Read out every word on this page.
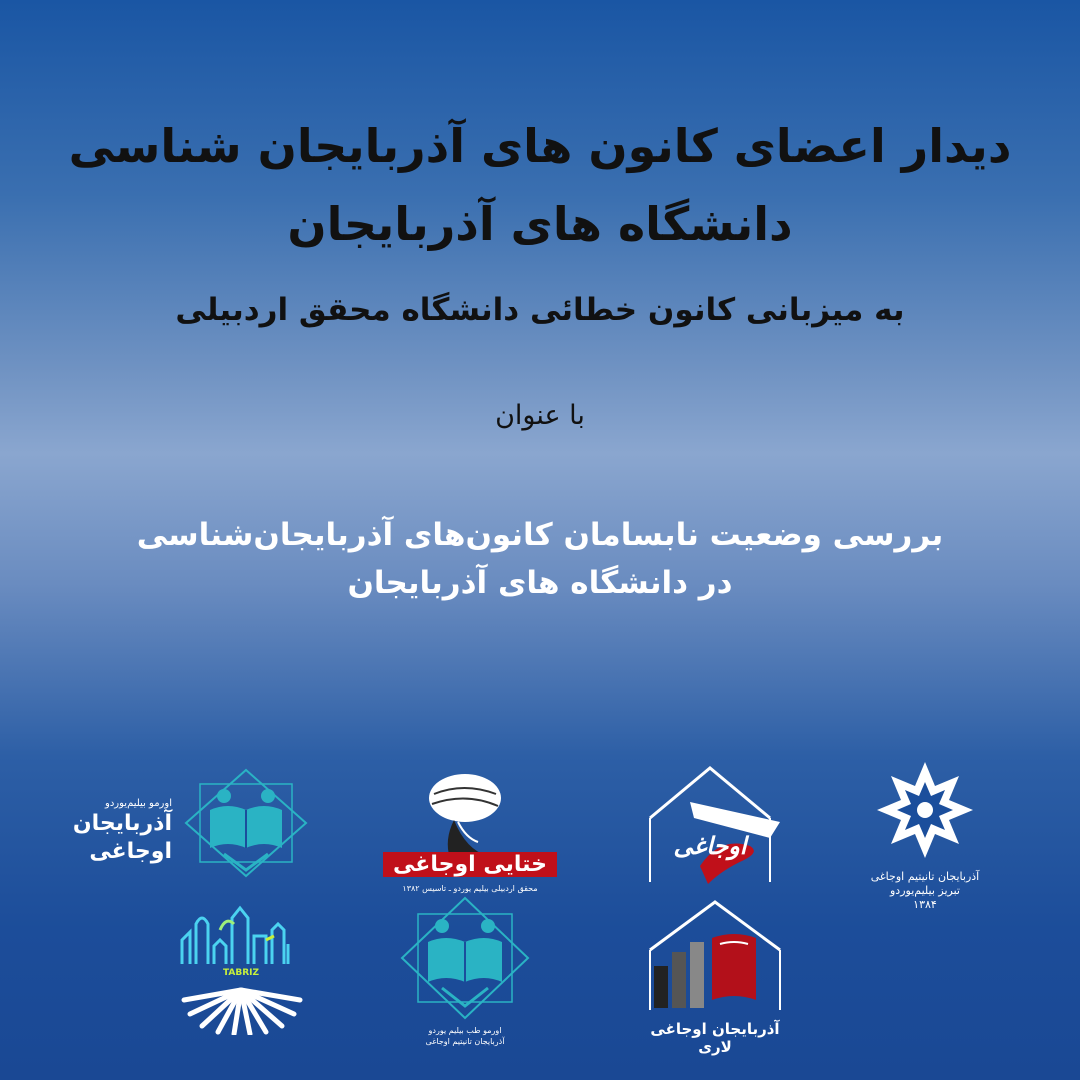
دیدار اعضای کانون های آذربایجان شناسی
دانشگاه های آذربایجان
به میزبانی کانون خطائی دانشگاه محقق اردبیلی
با عنوان
بررسی وضعیت نابسامان کانون‌های آذربایجان‌شناسی
در دانشگاه های آذربایجان
آذربایجان تانیتیم اوجاغی
تبریز بیلیم‌یوردو
۱۳۸۴
اوجاغی
ختایی اوجاغی
محقق اردبیلی بیلیم یوردو ـ تاسیس ۱۳۸۲
اورمو بیلیم‌یوردو
آذربایجان
اوجاغی
آذربایجان اوجاغی لاری
اورمو طب بیلیم یوردو
آذربایجان تانیتیم اوجاغی
TABRIZ
